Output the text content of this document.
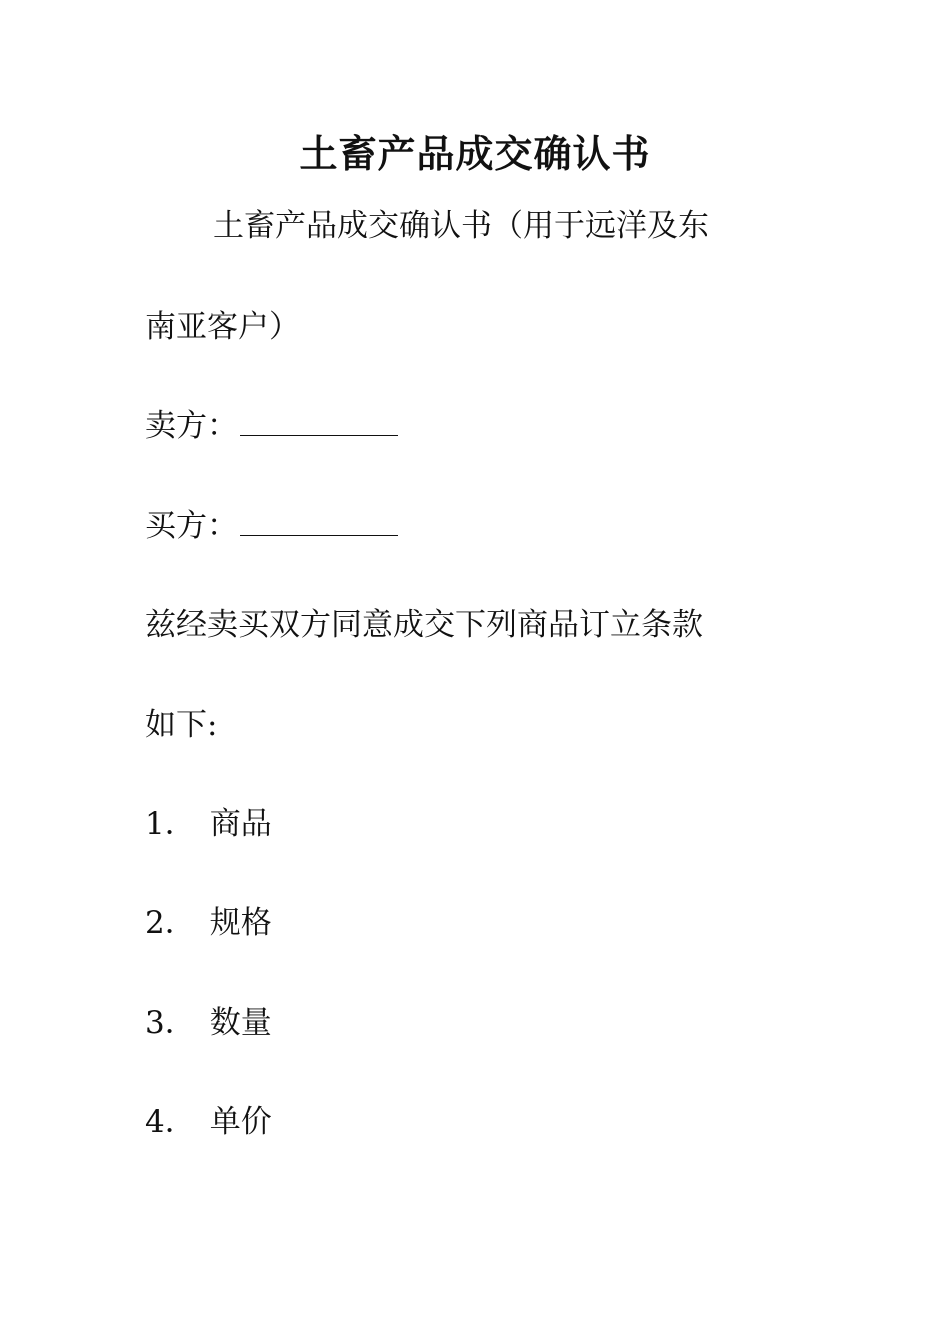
土畜产品成交确认书

土畜产品成交确认书（用于远洋及东

南亚客户）

卖方：

买方：

兹经卖买双方同意成交下列商品订立条款

如下:

1． 商品

2． 规格

3． 数量

4． 单价
